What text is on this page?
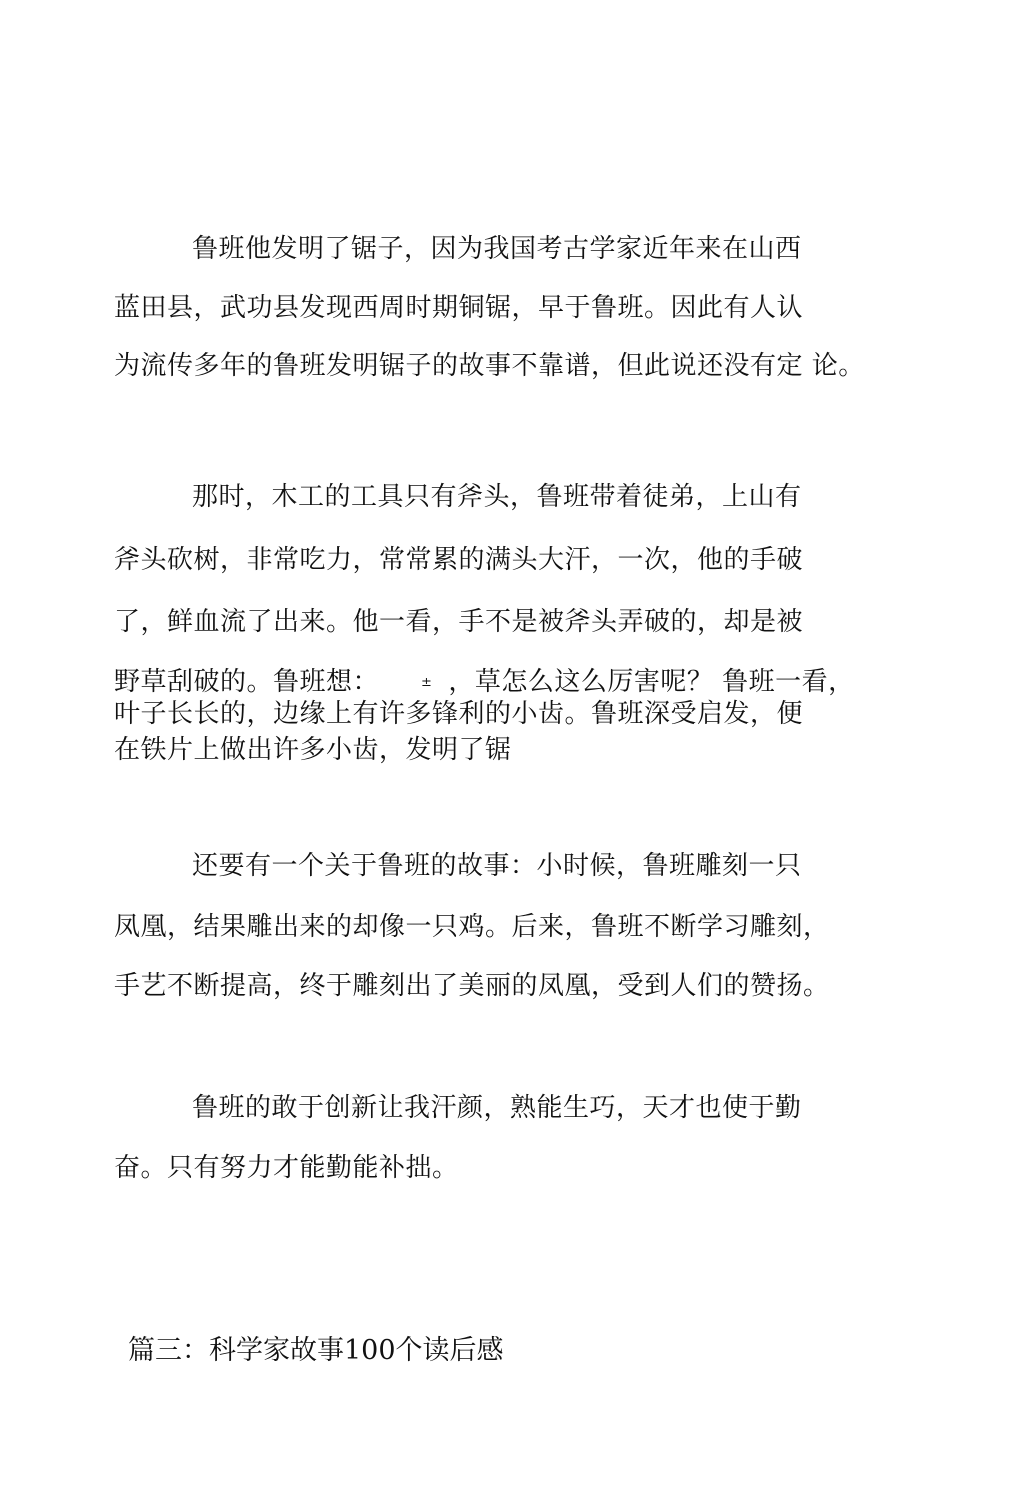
鲁班他发明了锯子，因为我国考古学家近年来在山西
蓝田县，武功县发现西周时期铜锯，早于鲁班。因此有人认
为流传多年的鲁班发明锯子的故事不靠谱，但此说还没有定 论。
那时，木工的工具只有斧头，鲁班带着徒弟，上山有
斧头砍树，非常吃力，常常累的满头大汗，一次，他的手破
了，鲜血流了出来。他一看，手不是被斧头弄破的，却是被
野草刮破的。鲁班想：	± ，草怎么这么厉害呢？ 鲁班一看，
叶子长长的，边缘上有许多锋利的小齿。鲁班深受启发，便
在铁片上做出许多小齿，发明了锯
还要有一个关于鲁班的故事：小时候，鲁班雕刻一只
凤凰，结果雕出来的却像一只鸡。后来，鲁班不断学习雕刻，
手艺不断提高，终于雕刻出了美丽的凤凰，受到人们的赞扬。
鲁班的敢于创新让我汗颜，熟能生巧，天才也使于勤
奋。只有努力才能勤能补拙。
篇三：科学家故事100个读后感
